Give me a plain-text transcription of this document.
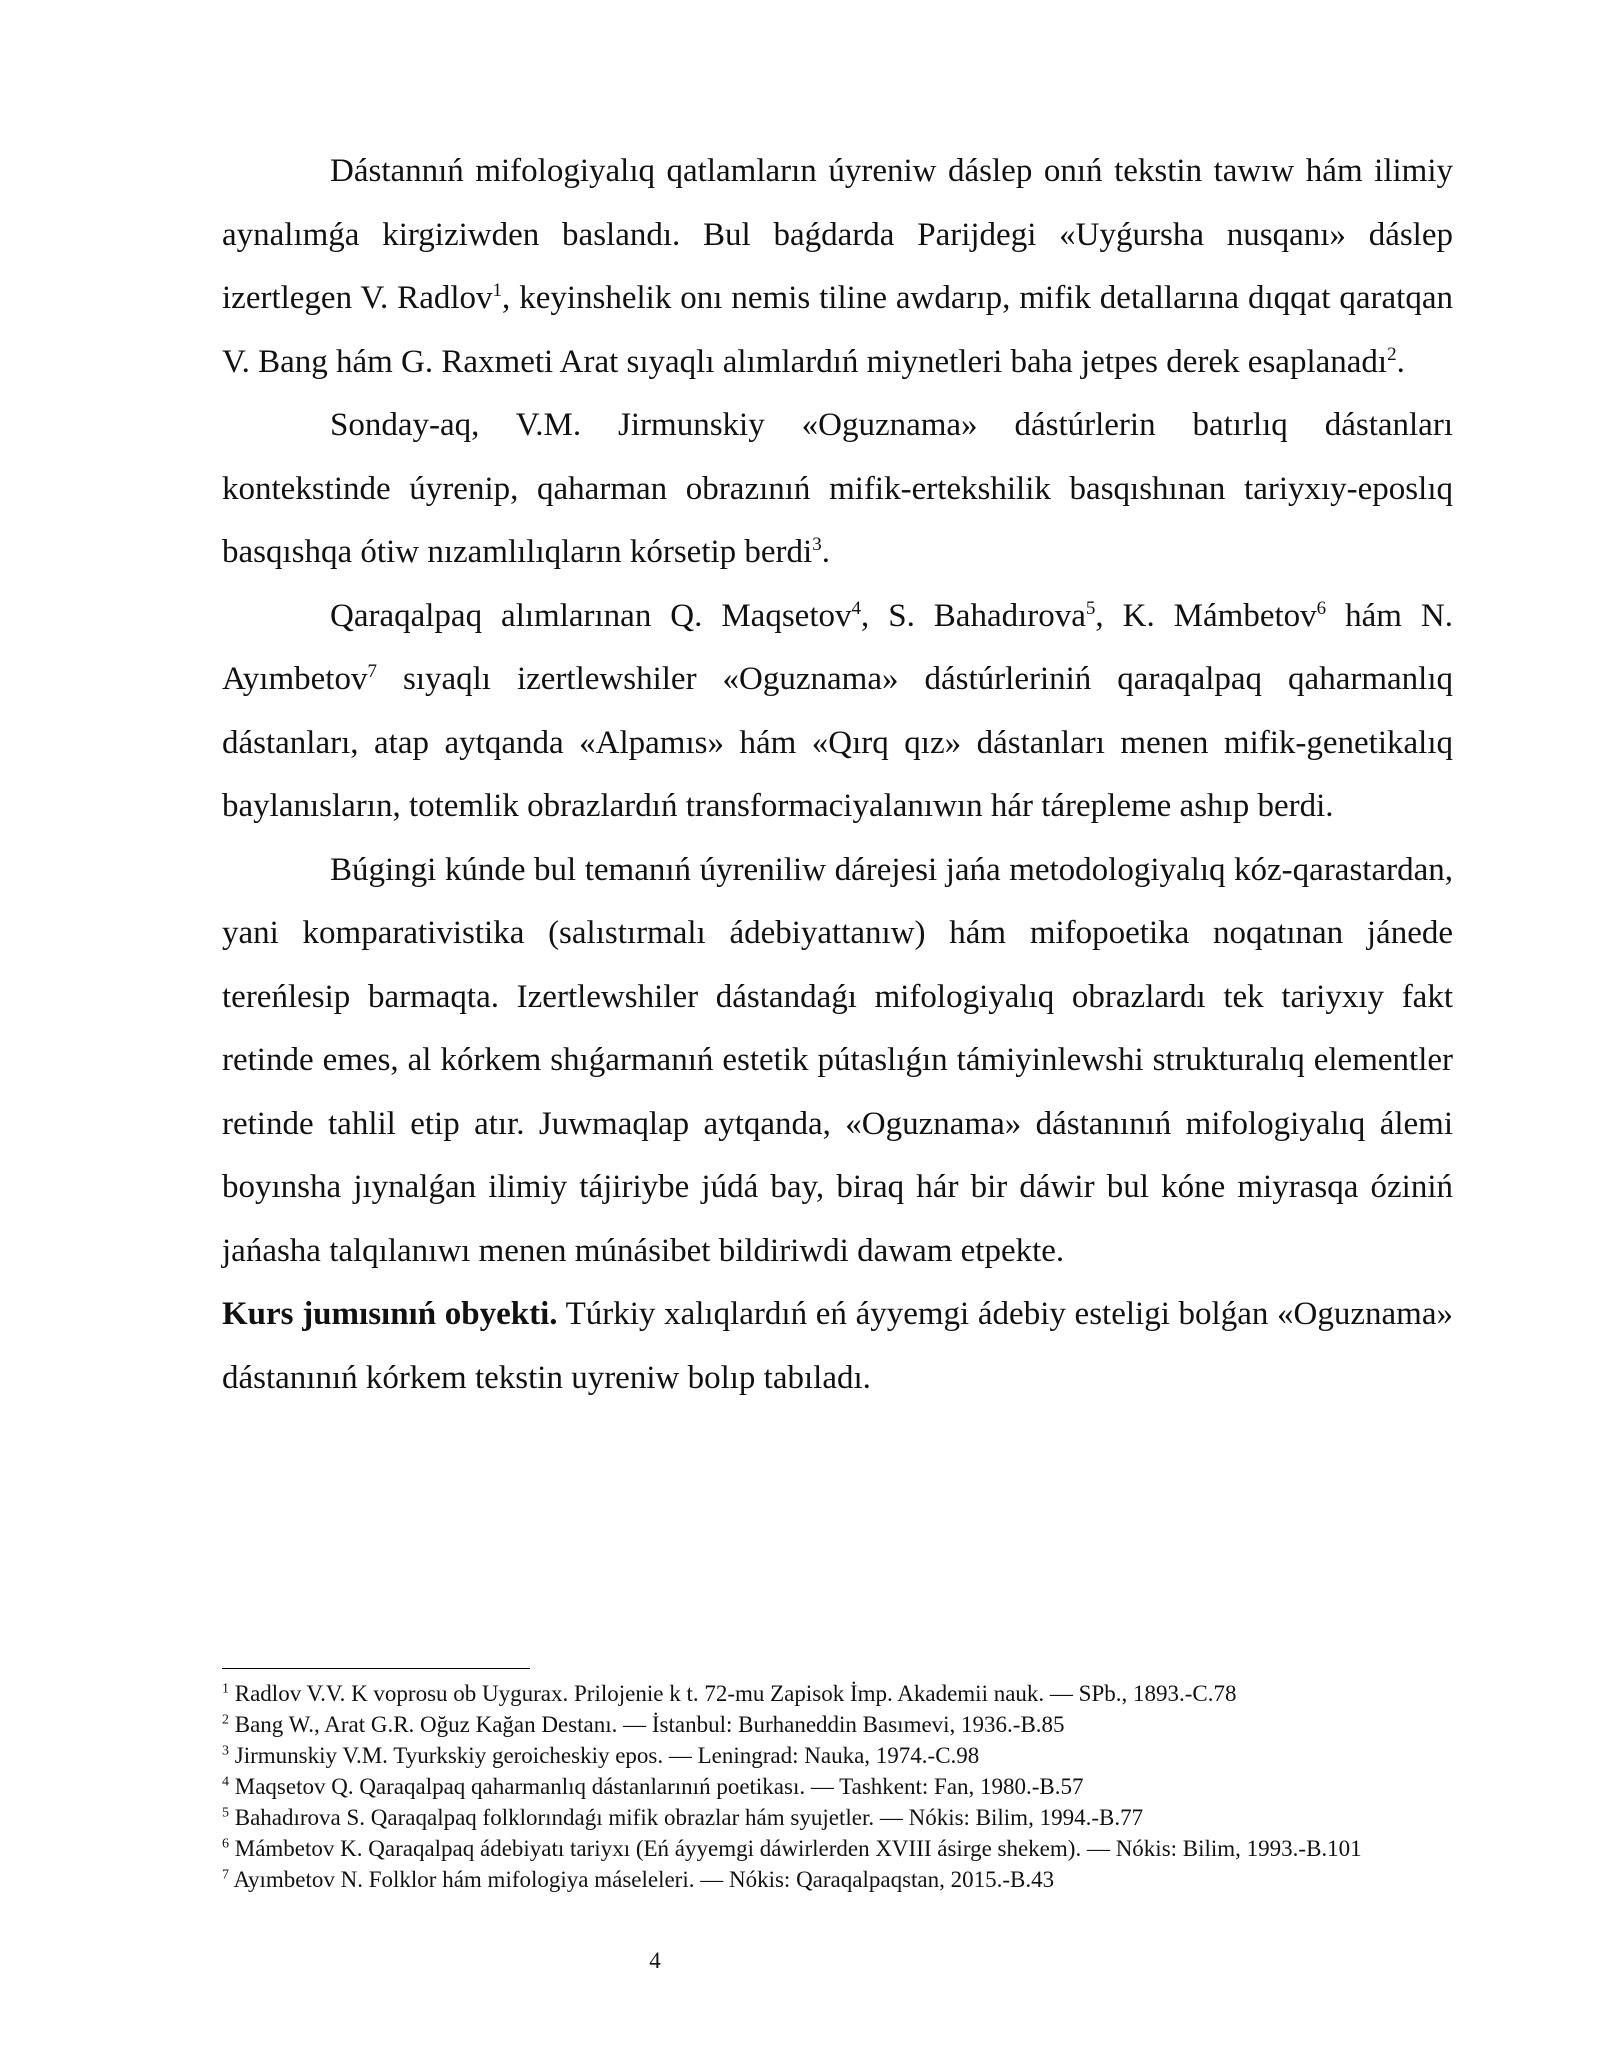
Dástannıń mifologiyalıq qatlamların úyreniw dáslep onıń tekstin tawıw hám ilimiy aynalımǵa kirgiziwden baslandı. Bul baǵdarda Parijdegi «Uyǵursha nusqanı» dáslep izertlegen V. Radlov$^1$, keyinshelik onı nemis tiline awdarıp, mifik detallarına dıqqat qaratqan V. Bang hám G. Raxmeti Arat sıyaqlı alımlardıń miynetleri baha jetpes derek esaplanadı$^2$.

Sonday-aq, V.M. Jirmunskiy «Oguznama» dástúrlerin batırlıq dástanları kontekstinde úyrenip, qaharman obrazınıń mifik-ertekshilik basqıshınan tariyxıy-eposlıq basqıshqa ótiw nızamlılıqların kórsetip berdi$^3$.

Qaraqalpaq alımlarınan Q. Maqsetov$^4$, S. Bahadırova$^5$, K. Mámbetov$^6$ hám N. Ayımbetov$^7$ sıyaqlı izertlewshiler «Oguznama» dástúrleriniń qaraqalpaq qaharmanlıq dástanları, atap aytqanda «Alpamıs» hám «Qırq qız» dástanları menen mifik-genetikalıq baylanısların, totemlik obrazlardıń transformaciyalanıwın hár tárepleme ashıp berdi.

Búgingi kúnde bul temanıń úyreniliw dárejesi jańa metodologiyalıq kóz-qarastardan, yani komparativistika (salıstırmalı ádebiyattanıw) hám mifopoetika noqatınan jánede tereńlesip barmaqta. Izertlewshiler dástandaǵı mifologiyalıq obrazlardı tek tariyxıy fakt retinde emes, al kórkem shıǵarmanıń estetik pútaslıǵın támiyinlewshi strukturalıq elementler retinde tahlil etip atır. Juwmaqlap aytqanda, «Oguznama» dástanınıń mifologiyalıq álemi boyınsha jıynalǵan ilimiy tájiriybe júdá bay, biraq hár bir dáwir bul kóne miyrasqa óziniń jańasha talqılanıwı menen múnásibet bildiriwdi dawam etpekte.

Kurs jumısınıń obyekti. Túrkiy xalıqlardıń eń áyyemgi ádebiy esteligi bolǵan «Oguznama» dástanınıń kórkem tekstin uyreniw bolıp tabıladı.

$^1$ Radlov V.V. K voprosu ob Uygurax. Prilojenie k t. 72-mu Zapisok İmp. Akademii nauk. — SPb., 1893.-C.78

$^2$ Bang W., Arat G.R. Oğuz Kağan Destanı. — İstanbul: Burhaneddin Basımevi, 1936.-B.85

$^3$ Jirmunskiy V.M. Tyurkskiy geroicheskiy epos. — Leningrad: Nauka, 1974.-C.98

$^4$ Maqsetov Q. Qaraqalpaq qaharmanlıq dástanlarınıń poetikası. — Tashkent: Fan, 1980.-B.57

$^5$ Bahadırova S. Qaraqalpaq folklorındaǵı mifik obrazlar hám syujetler. — Nókis: Bilim, 1994.-B.77

$^6$ Mámbetov K. Qaraqalpaq ádebiyatı tariyxı (Eń áyyemgi dáwirlerden XVIII ásirge shekem). — Nókis: Bilim, 1993.-B.101

$^7$ Ayımbetov N. Folklor hám mifologiya máseleleri. — Nókis: Qaraqalpaqstan, 2015.-B.43

4
